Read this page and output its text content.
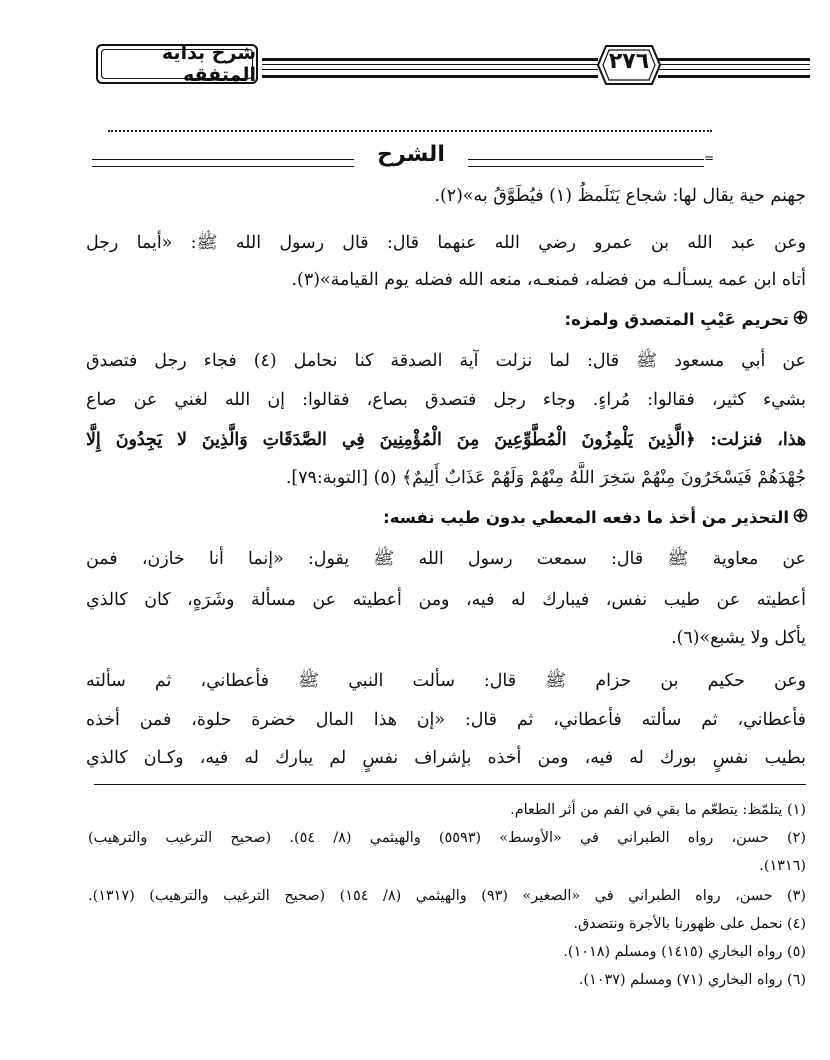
شرح بداية المتفقه
٢٧٦
الشرح	=
جهنم حية يقال لها: شجاع يَتَلَمظُ (١) فيُطَوَّقُ به»(٢).
وعن عبد الله بن عمرو رضي الله عنهما قال: قال رسول الله ﷺ: «أيما رجل
أتاه ابن عمه يسـألـه من فضله، فمنعـه، منعه الله فضله يوم القيامة»(٣).
تحريم عَيْبِ المتصدق ولمزه:
عن أبي مسعود ﷺ قال: لما نزلت آية الصدقة كنا نحامل (٤) فجاء رجل فتصدق
بشيء كثير، فقالوا: مُراءٍ. وجاء رجل فتصدق بصاع، فقالوا: إن الله لغني عن صاع
هذا، فنزلت: ﴿الَّذِينَ يَلْمِزُونَ الْمُطَّوِّعِينَ مِنَ الْمُؤْمِنِينَ فِي الصَّدَقَاتِ وَالَّذِينَ لا يَجِدُونَ إِلَّا
جُهْدَهُمْ فَيَسْخَرُونَ مِنْهُمْ سَخِرَ اللَّهُ مِنْهُمْ وَلَهُمْ عَذَابٌ أَلِيمٌ﴾ (٥) [التوبة:٧٩].
التحذير من أخذ ما دفعه المعطي بدون طيب نفسه:
عن معاوية ﷺ قال: سمعت رسول الله ﷺ يقول: «إنما أنا خازن، فمن
أعطيته عن طيب نفس، فيبارك له فيه، ومن أعطيته عن مسألة وشَرَهٍ، كان كالذي
يأكل ولا يشبع»(٦).
وعن حكيم بن حزام ﷺ قال: سألت النبي ﷺ فأعطاني، ثم سألته
فأعطاني، ثم سألته فأعطاني، ثم قال: «إن هذا المال خضرة حلوة، فمن أخذه
بطيب نفسٍ بورك له فيه، ومن أخذه بإشراف نفسٍ لم يبارك له فيه، وكـان كالذي
(١) يتلمّظ: يتطعّم ما بقي في الفم من أثر الطعام.
(٢) حسن، رواه الطبراني في «الأوسط» (٥٥٩٣) والهيثمي (٨/ ٥٤). (صحيح الترغيب والترهيب)
(١٣١٦).
(٣) حسن، رواه الطبراني في «الصغير» (٩٣) والهيثمي (٨/ ١٥٤) (صحيح الترغيب والترهيب) (١٣١٧).
(٤) نحمل على ظهورنا بالأجرة ونتصدق.
(٥) رواه البخاري (١٤١٥) ومسلم (١٠١٨).
(٦) رواه البخاري (٧١) ومسلم (١٠٣٧).
